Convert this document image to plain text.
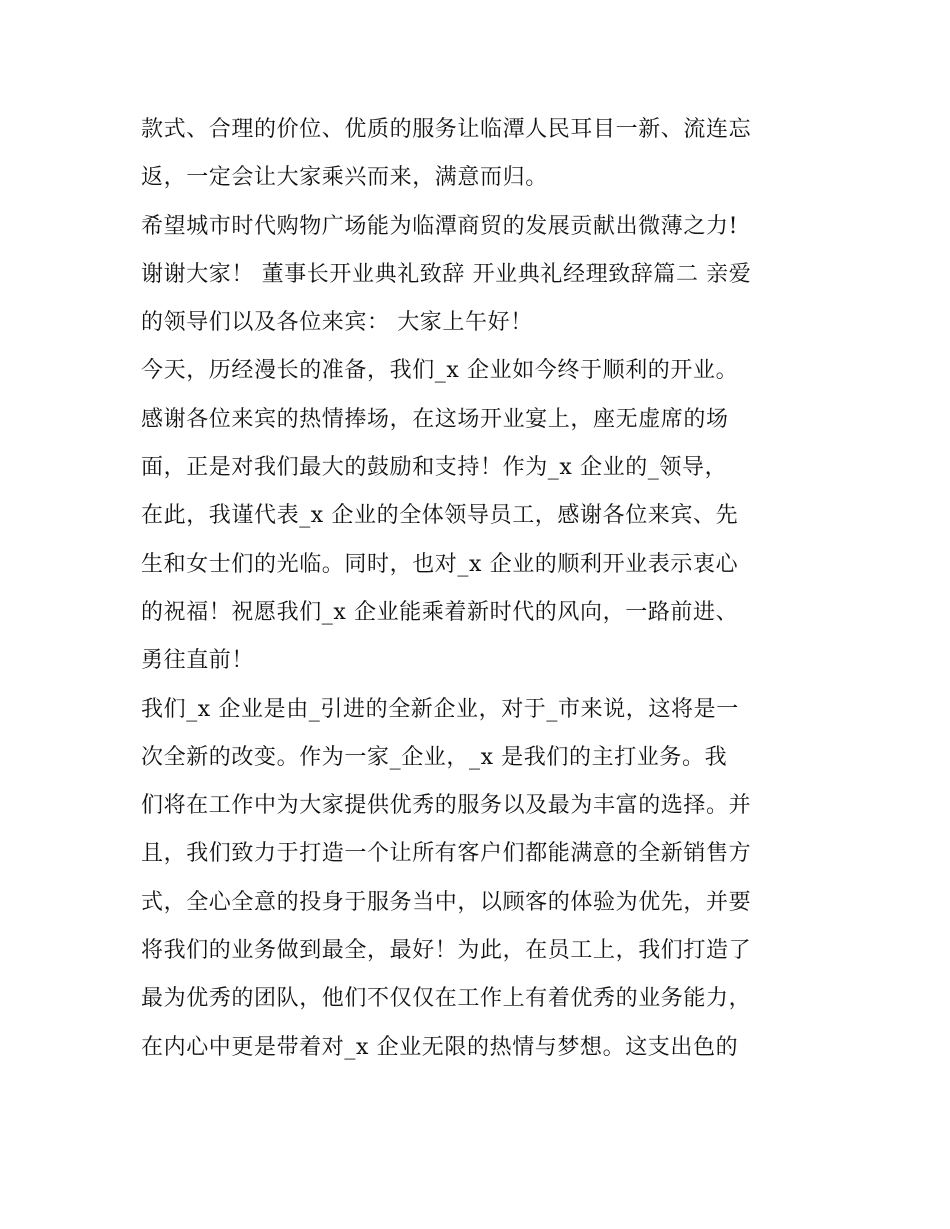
款式、合理的价位、优质的服务让临潭人民耳目一新、流连忘
返，一定会让大家乘兴而来，满意而归。
希望城市时代购物广场能为临潭商贸的发展贡献出微薄之力!
谢谢大家！ 董事长开业典礼致辞 开业典礼经理致辞篇二 亲爱
的领导们以及各位来宾： 大家上午好！
今天，历经漫长的准备，我们_x 企业如今终于顺利的开业。
感谢各位来宾的热情捧场，在这场开业宴上，座无虚席的场
面，正是对我们最大的鼓励和支持！作为_x 企业的_领导，
在此，我谨代表_x 企业的全体领导员工，感谢各位来宾、先
生和女士们的光临。同时，也对_x 企业的顺利开业表示衷心
的祝福！祝愿我们_x 企业能乘着新时代的风向，一路前进、
勇往直前！
我们_x 企业是由_引进的全新企业，对于_市来说，这将是一
次全新的改变。作为一家_企业，_x 是我们的主打业务。我
们将在工作中为大家提供优秀的服务以及最为丰富的选择。并
且，我们致力于打造一个让所有客户们都能满意的全新销售方
式，全心全意的投身于服务当中，以顾客的体验为优先，并要
将我们的业务做到最全，最好！为此，在员工上，我们打造了
最为优秀的团队，他们不仅仅在工作上有着优秀的业务能力，
在内心中更是带着对_x 企业无限的热情与梦想。这支出色的
